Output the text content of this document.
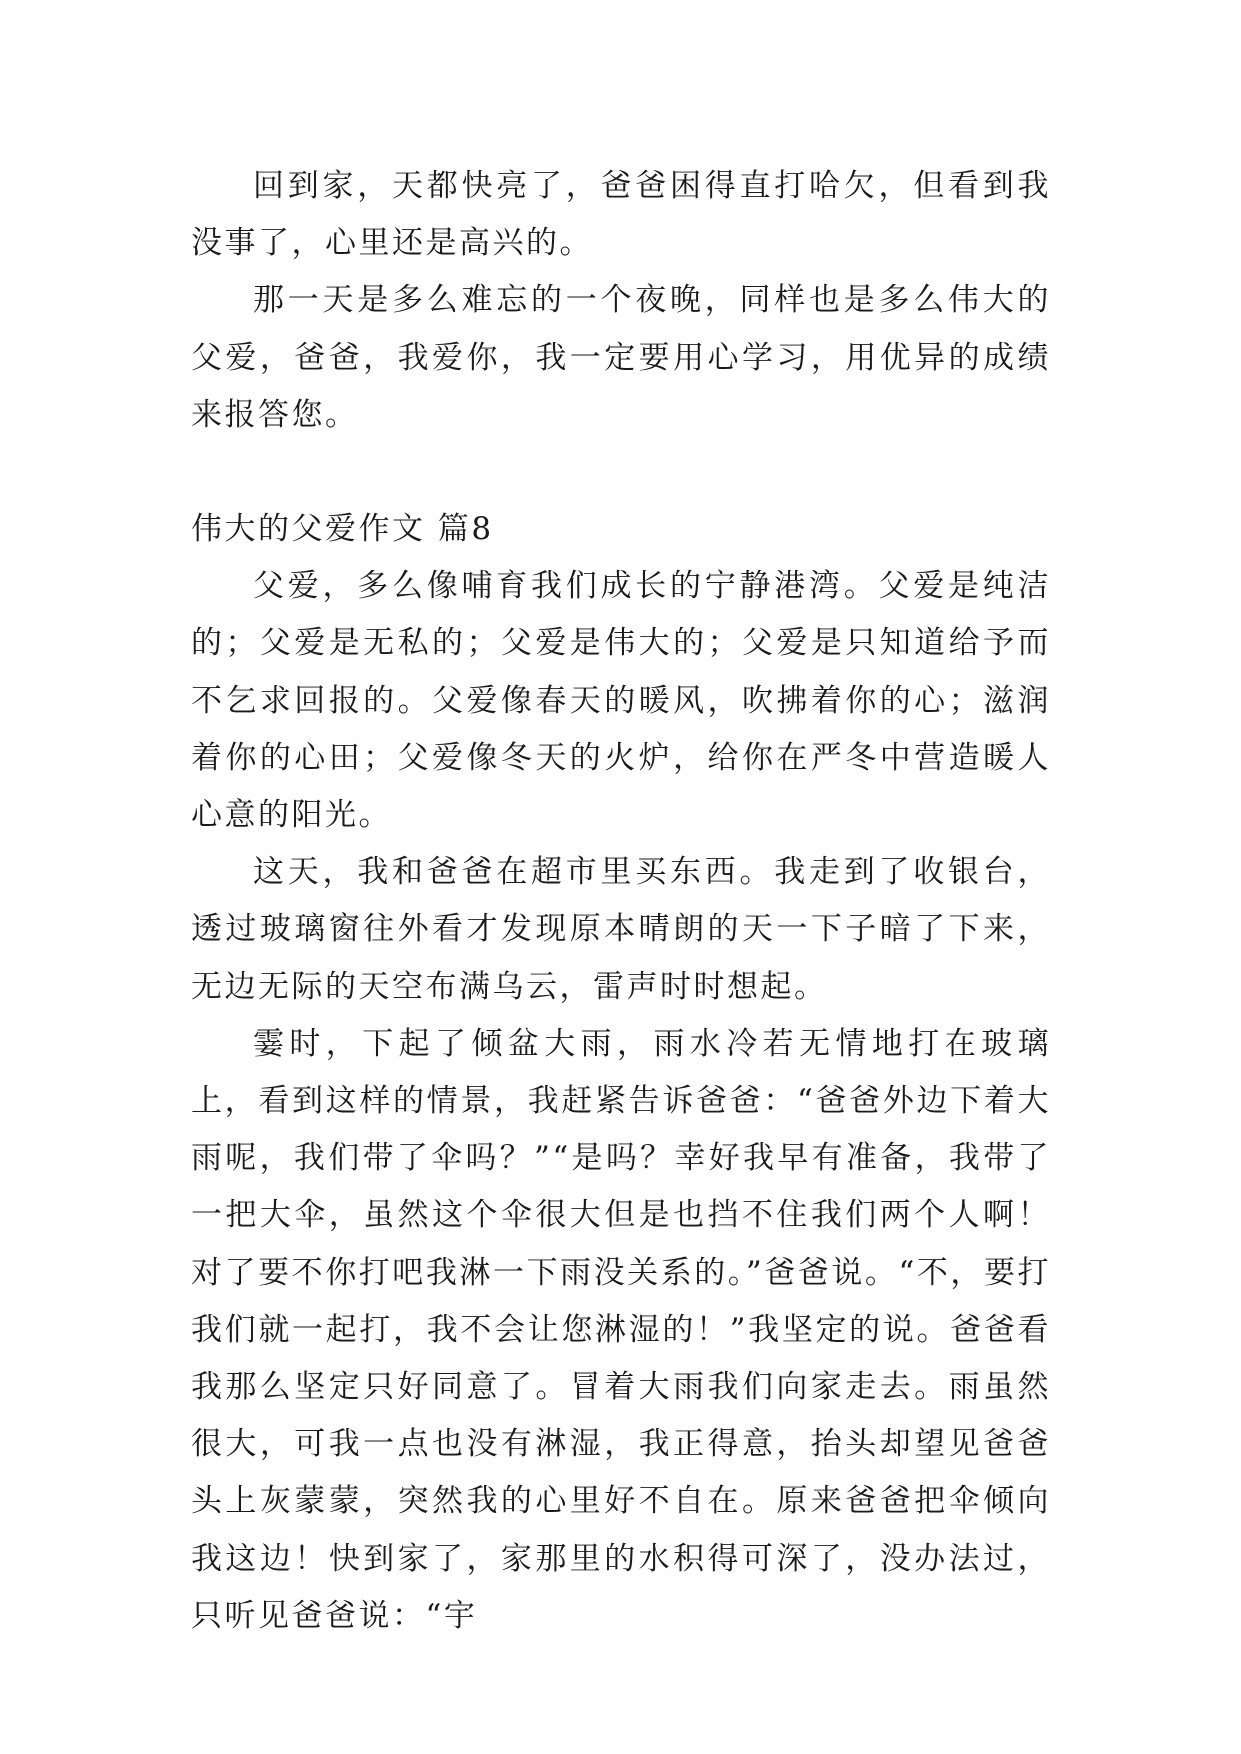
回到家，天都快亮了，爸爸困得直打哈欠，但看到我没事了，心里还是高兴的。

那一天是多么难忘的一个夜晚，同样也是多么伟大的父爱，爸爸，我爱你，我一定要用心学习，用优异的成绩来报答您。

伟大的父爱作文 篇8

父爱，多么像哺育我们成长的宁静港湾。父爱是纯洁的；父爱是无私的；父爱是伟大的；父爱是只知道给予而不乞求回报的。父爱像春天的暖风，吹拂着你的心；滋润着你的心田；父爱像冬天的火炉，给你在严冬中营造暖人心意的阳光。

这天，我和爸爸在超市里买东西。我走到了收银台，透过玻璃窗往外看才发现原本晴朗的天一下子暗了下来，无边无际的天空布满乌云，雷声时时想起。

霎时，下起了倾盆大雨，雨水冷若无情地打在玻璃上，看到这样的情景，我赶紧告诉爸爸：“爸爸外边下着大雨呢，我们带了伞吗？”“是吗？幸好我早有准备，我带了一把大伞，虽然这个伞很大但是也挡不住我们两个人啊！对了要不你打吧我淋一下雨没关系的。”爸爸说。“不，要打我们就一起打，我不会让您淋湿的！”我坚定的说。爸爸看我那么坚定只好同意了。冒着大雨我们向家走去。雨虽然很大，可我一点也没有淋湿，我正得意，抬头却望见爸爸头上灰蒙蒙，突然我的心里好不自在。原来爸爸把伞倾向我这边！快到家了，家那里的水积得可深了，没办法过，只听见爸爸说：“宇
